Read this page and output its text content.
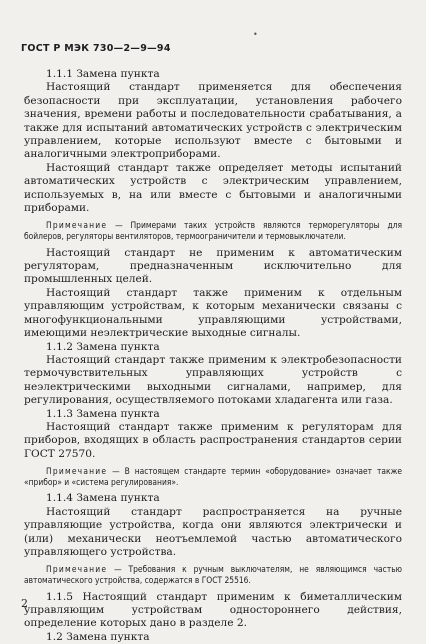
•
ГОСТ Р МЭК 730—2—9—94

1.1.1 Замена пункта

Настоящий стандарт применяется для обеспечения безопасности при эксплуатации, установления рабочего значения, времени работы и последовательности срабатывания, а также для испытаний автоматических устройств с электрическим управлением, которые используют вместе с бытовыми и аналогичными электроприборами.

Настоящий стандарт также определяет методы испытаний автоматических устройств с электрическим управлением, используемых в, на или вместе с бытовыми и аналогичными приборами.

Примечание — Примерами таких устройств являются терморегуляторы для бойлеров, регуляторы вентиляторов, термоограничители и термовыключатели.

Настоящий стандарт не применим к автоматическим регуляторам, предназначенным исключительно для промышленных целей.

Настоящий стандарт также применим к отдельным управляющим устройствам, к которым механически связаны с многофункциональными управляющими устройствами, имеющими неэлектрические выходные сигналы.

1.1.2 Замена пункта

Настоящий стандарт также применим к электробезопасности термочувствительных управляющих устройств с неэлектрическими выходными сигналами, например, для регулирования, осуществляемого потоками хладагента или газа.

1.1.3 Замена пункта

Настоящий стандарт также применим к регуляторам для приборов, входящих в область распространения стандартов серии ГОСТ 27570.

Примечание — В настоящем стандарте термин «оборудование» означает также «прибор» и «система регулирования».

1.1.4 Замена пункта

Настоящий стандарт распространяется на ручные управляющие устройства, когда они являются электрически и (или) механически неотъемлемой частью автоматического управляющего устройства.

Примечание — Требования к ручным выключателям, не являющимся частью автоматического устройства, содержатся в ГОСТ 25516.

1.1.5 Настоящий стандарт применим к биметаллическим управляющим устройствам одностороннего действия, определение которых дано в разделе 2.

1.2 Замена пункта

2
